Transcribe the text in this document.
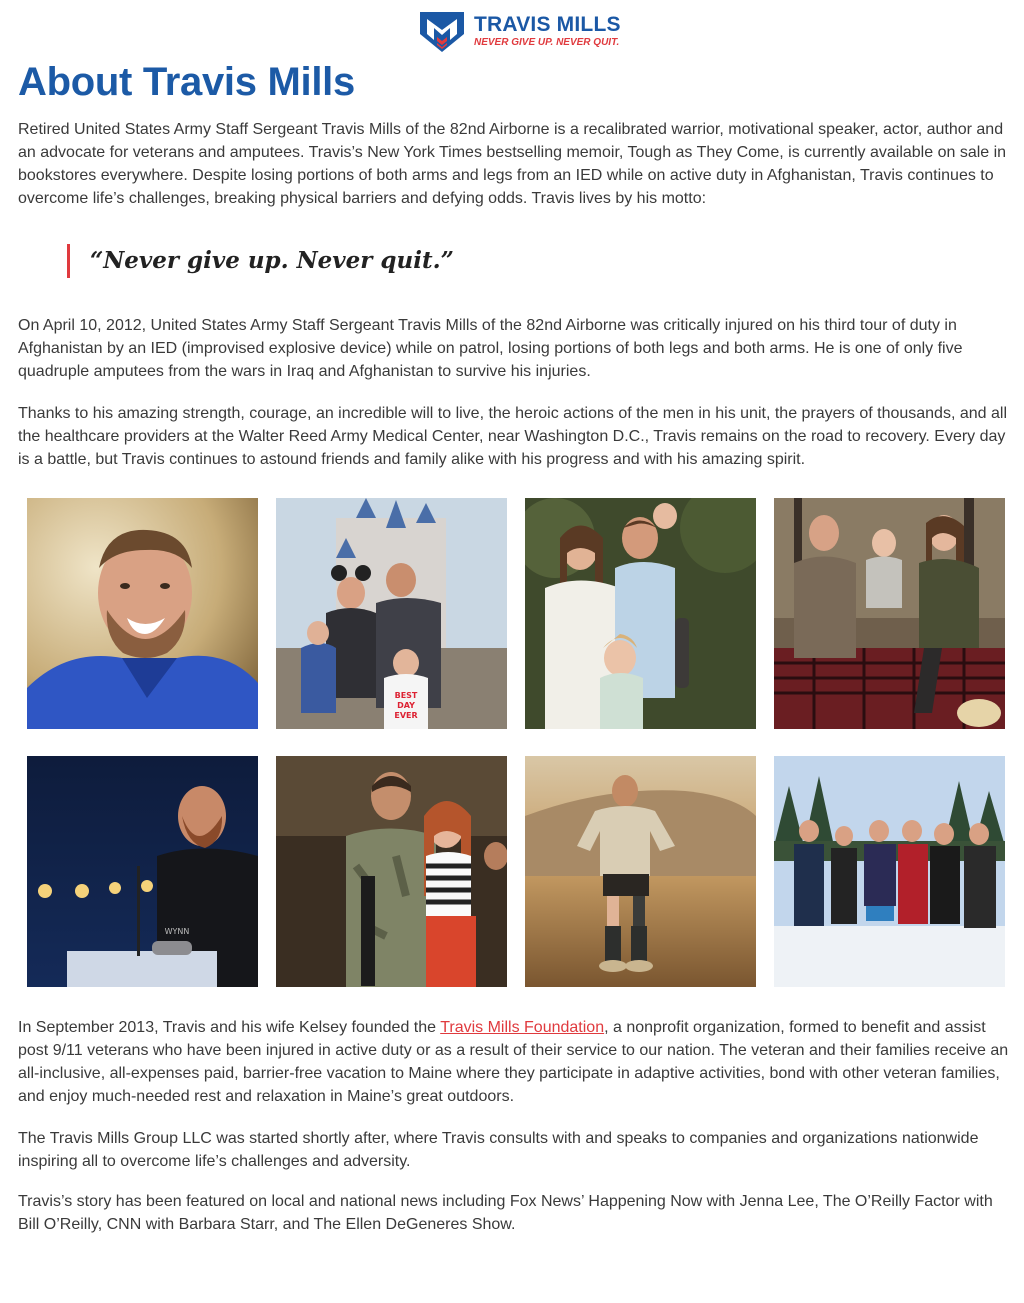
TRAVIS MILLS
NEVER GIVE UP. NEVER QUIT.
About Travis Mills

Retired United States Army Staff Sergeant Travis Mills of the 82nd Airborne is a recalibrated warrior, motivational speaker, actor, author and an advocate for veterans and amputees. Travis’s New York Times bestselling memoir, Tough as They Come, is currently available on sale in bookstores everywhere. Despite losing portions of both arms and legs from an IED while on active duty in Afghanistan, Travis continues to overcome life’s challenges, breaking physical barriers and defying odds. Travis lives by his motto:

“Never give up. Never quit.”

On April 10, 2012, United States Army Staff Sergeant Travis Mills of the 82nd Airborne was critically injured on his third tour of duty in Afghanistan by an IED (improvised explosive device) while on patrol, losing portions of both legs and both arms. He is one of only five quadruple amputees from the wars in Iraq and Afghanistan to survive his injuries.

Thanks to his amazing strength, courage, an incredible will to live, the heroic actions of the men in his unit, the prayers of thousands, and all the healthcare providers at the Walter Reed Army Medical Center, near Washington D.C., Travis remains on the road to recovery. Every day is a battle, but Travis continues to astound friends and family alike with his progress and with his amazing spirit.

BEST
DAY
EVER
WYNN

In September 2013, Travis and his wife Kelsey founded the Travis Mills Foundation, a nonprofit organization, formed to benefit and assist post 9/11 veterans who have been injured in active duty or as a result of their service to our nation. The veteran and their families receive an all-inclusive, all-expenses paid, barrier-free vacation to Maine where they participate in adaptive activities, bond with other veteran families, and enjoy much-needed rest and relaxation in Maine’s great outdoors.

The Travis Mills Group LLC was started shortly after, where Travis consults with and speaks to companies and organizations nationwide inspiring all to overcome life’s challenges and adversity.

Travis’s story has been featured on local and national news including Fox News’ Happening Now with Jenna Lee, The O’Reilly Factor with Bill O’Reilly, CNN with Barbara Starr, and The Ellen DeGeneres Show.
